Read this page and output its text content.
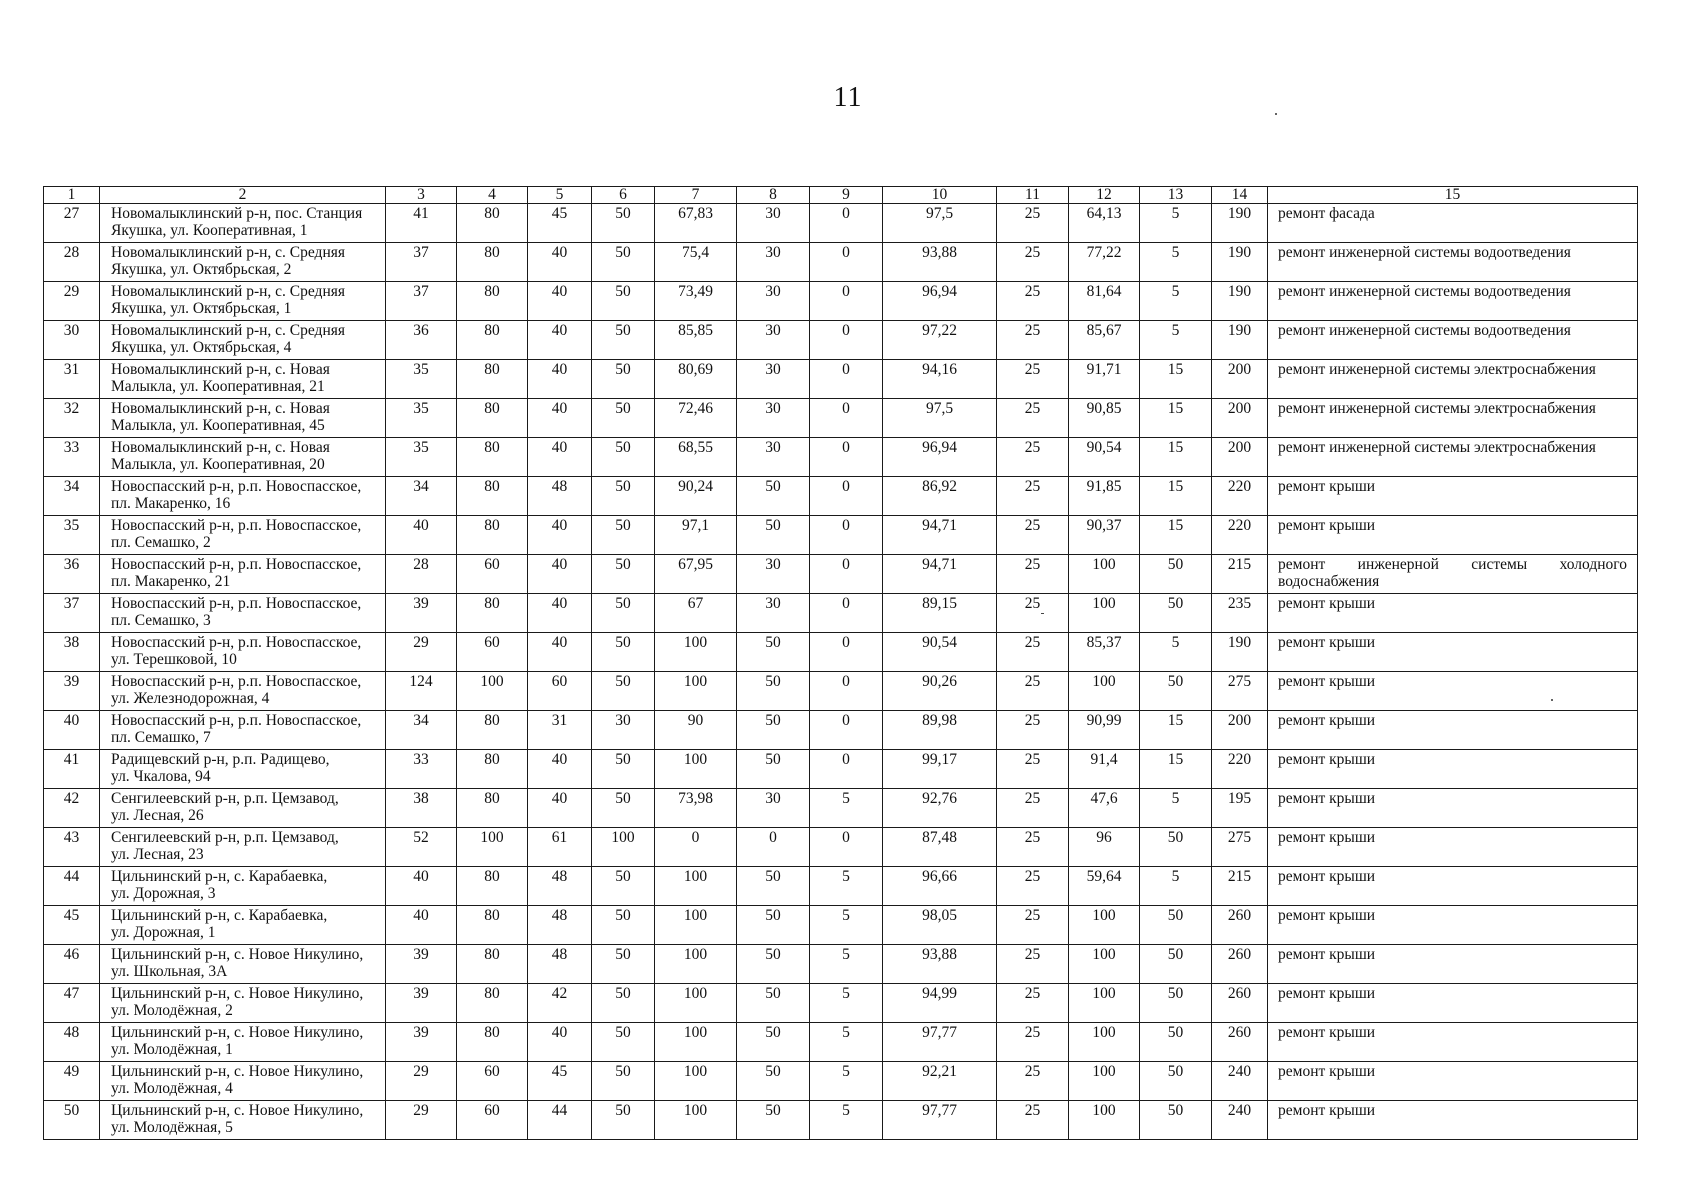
11
1	2	3	4	5	6	7	8	9	10	11	12	13	14	15
27	Новомалыклинский р-н, пос. Станция
Якушка, ул. Кооперативная, 1	41	80	45	50	67,83	30	0	97,5	25	64,13	5	190	ремонт фасада
28	Новомалыклинский р-н, с. Средняя
Якушка, ул. Октябрьская, 2	37	80	40	50	75,4	30	0	93,88	25	77,22	5	190	ремонт инженерной системы водоотведения
29	Новомалыклинский р-н, с. Средняя
Якушка, ул. Октябрьская, 1	37	80	40	50	73,49	30	0	96,94	25	81,64	5	190	ремонт инженерной системы водоотведения
30	Новомалыклинский р-н, с. Средняя
Якушка, ул. Октябрьская, 4	36	80	40	50	85,85	30	0	97,22	25	85,67	5	190	ремонт инженерной системы водоотведения
31	Новомалыклинский р-н, с. Новая
Малыкла, ул. Кооперативная, 21	35	80	40	50	80,69	30	0	94,16	25	91,71	15	200	ремонт инженерной системы электроснабжения
32	Новомалыклинский р-н, с. Новая
Малыкла, ул. Кооперативная, 45	35	80	40	50	72,46	30	0	97,5	25	90,85	15	200	ремонт инженерной системы электроснабжения
33	Новомалыклинский р-н, с. Новая
Малыкла, ул. Кооперативная, 20	35	80	40	50	68,55	30	0	96,94	25	90,54	15	200	ремонт инженерной системы электроснабжения
34	Новоспасский р-н, р.п. Новоспасское,
пл. Макаренко, 16	34	80	48	50	90,24	50	0	86,92	25	91,85	15	220	ремонт крыши
35	Новоспасский р-н, р.п. Новоспасское,
пл. Семашко, 2	40	80	40	50	97,1	50	0	94,71	25	90,37	15	220	ремонт крыши
36	Новоспасский р-н, р.п. Новоспасское,
пл. Макаренко, 21	28	60	40	50	67,95	30	0	94,71	25	100	50	215	ремонт инженерной системы холодного водоснабжения
37	Новоспасский р-н, р.п. Новоспасское,
пл. Семашко, 3	39	80	40	50	67	30	0	89,15	25	100	50	235	ремонт крыши
38	Новоспасский р-н, р.п. Новоспасское,
ул. Терешковой, 10	29	60	40	50	100	50	0	90,54	25	85,37	5	190	ремонт крыши
39	Новоспасский р-н, р.п. Новоспасское,
ул. Железнодорожная, 4	124	100	60	50	100	50	0	90,26	25	100	50	275	ремонт крыши
40	Новоспасский р-н, р.п. Новоспасское,
пл. Семашко, 7	34	80	31	30	90	50	0	89,98	25	90,99	15	200	ремонт крыши
41	Радищевский р-н, р.п. Радищево,
ул. Чкалова, 94	33	80	40	50	100	50	0	99,17	25	91,4	15	220	ремонт крыши
42	Сенгилеевский р-н, р.п. Цемзавод,
ул. Лесная, 26	38	80	40	50	73,98	30	5	92,76	25	47,6	5	195	ремонт крыши
43	Сенгилеевский р-н, р.п. Цемзавод,
ул. Лесная, 23	52	100	61	100	0	0	0	87,48	25	96	50	275	ремонт крыши
44	Цильнинский р-н, с. Карабаевка,
ул. Дорожная, 3	40	80	48	50	100	50	5	96,66	25	59,64	5	215	ремонт крыши
45	Цильнинский р-н, с. Карабаевка,
ул. Дорожная, 1	40	80	48	50	100	50	5	98,05	25	100	50	260	ремонт крыши
46	Цильнинский р-н, с. Новое Никулино,
ул. Школьная, 3А	39	80	48	50	100	50	5	93,88	25	100	50	260	ремонт крыши
47	Цильнинский р-н, с. Новое Никулино,
ул. Молодёжная, 2	39	80	42	50	100	50	5	94,99	25	100	50	260	ремонт крыши
48	Цильнинский р-н, с. Новое Никулино,
ул. Молодёжная, 1	39	80	40	50	100	50	5	97,77	25	100	50	260	ремонт крыши
49	Цильнинский р-н, с. Новое Никулино,
ул. Молодёжная, 4	29	60	45	50	100	50	5	92,21	25	100	50	240	ремонт крыши
50	Цильнинский р-н, с. Новое Никулино,
ул. Молодёжная, 5	29	60	44	50	100	50	5	97,77	25	100	50	240	ремонт крыши
